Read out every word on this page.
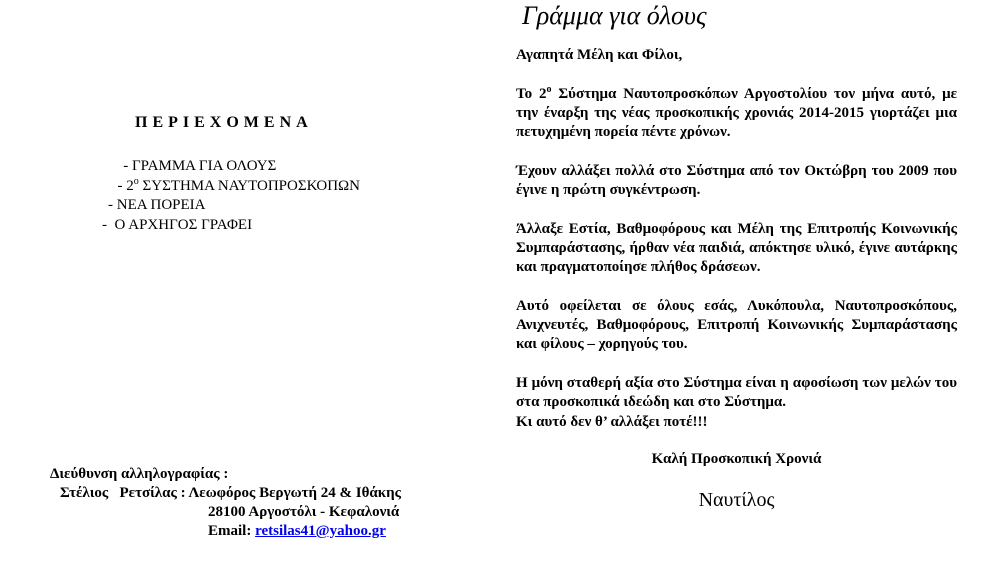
ΠΕΡΙΕΧΟΜΕΝΑ
- ΓΡΑΜΜΑ ΓΙΑ ΟΛΟΥΣ
- $2^o$ ΣΥΣΤΗΜΑ ΝΑΥΤΟΠΡΟΣΚΟΠΩΝ
- ΝΕΑ ΠΟΡΕΙΑ
-  Ο ΑΡΧΗΓΟΣ ΓΡΑΦΕΙ
Διεύθυνση αλληλογραφίας :
Στέλιος   Ρετσίλας : Λεωφόρος Βεργωτή 24 & Ιθάκης
28100 Αργοστόλι - Κεφαλονιά
Email: retsilas41@yahoo.gr
Γράμμα για όλους

Αγαπητά Μέλη και Φίλοι,

Το $2^o$ Σύστημα Ναυτοπροσκόπων Αργοστολίου τον μήνα αυτό, με την έναρξη της νέας προσκοπικής χρονιάς 2014-2015 γιορτάζει μια πετυχημένη πορεία πέντε χρόνων.

Έχουν αλλάξει πολλά στο Σύστημα από τον Οκτώβρη του 2009 που έγινε η πρώτη συγκέντρωση.

Άλλαξε Εστία, Βαθμοφόρους και Μέλη της Επιτροπής Κοινωνικής Συμπαράστασης, ήρθαν νέα παιδιά, απόκτησε υλικό, έγινε αυτάρκης και πραγματοποίησε πλήθος δράσεων.

Αυτό οφείλεται σε όλους εσάς, Λυκόπουλα, Ναυτοπροσκόπους, Ανιχνευτές, Βαθμοφόρους, Επιτροπή Κοινωνικής Συμπαράστασης και φίλους – χορηγούς του.

Η μόνη σταθερή αξία στο Σύστημα είναι η αφοσίωση των μελών του στα προσκοπικά ιδεώδη και στο Σύστημα.
Κι αυτό δεν θ’ αλλάξει ποτέ!!!

Καλή Προσκοπική Χρονιά
Ναυτίλος
